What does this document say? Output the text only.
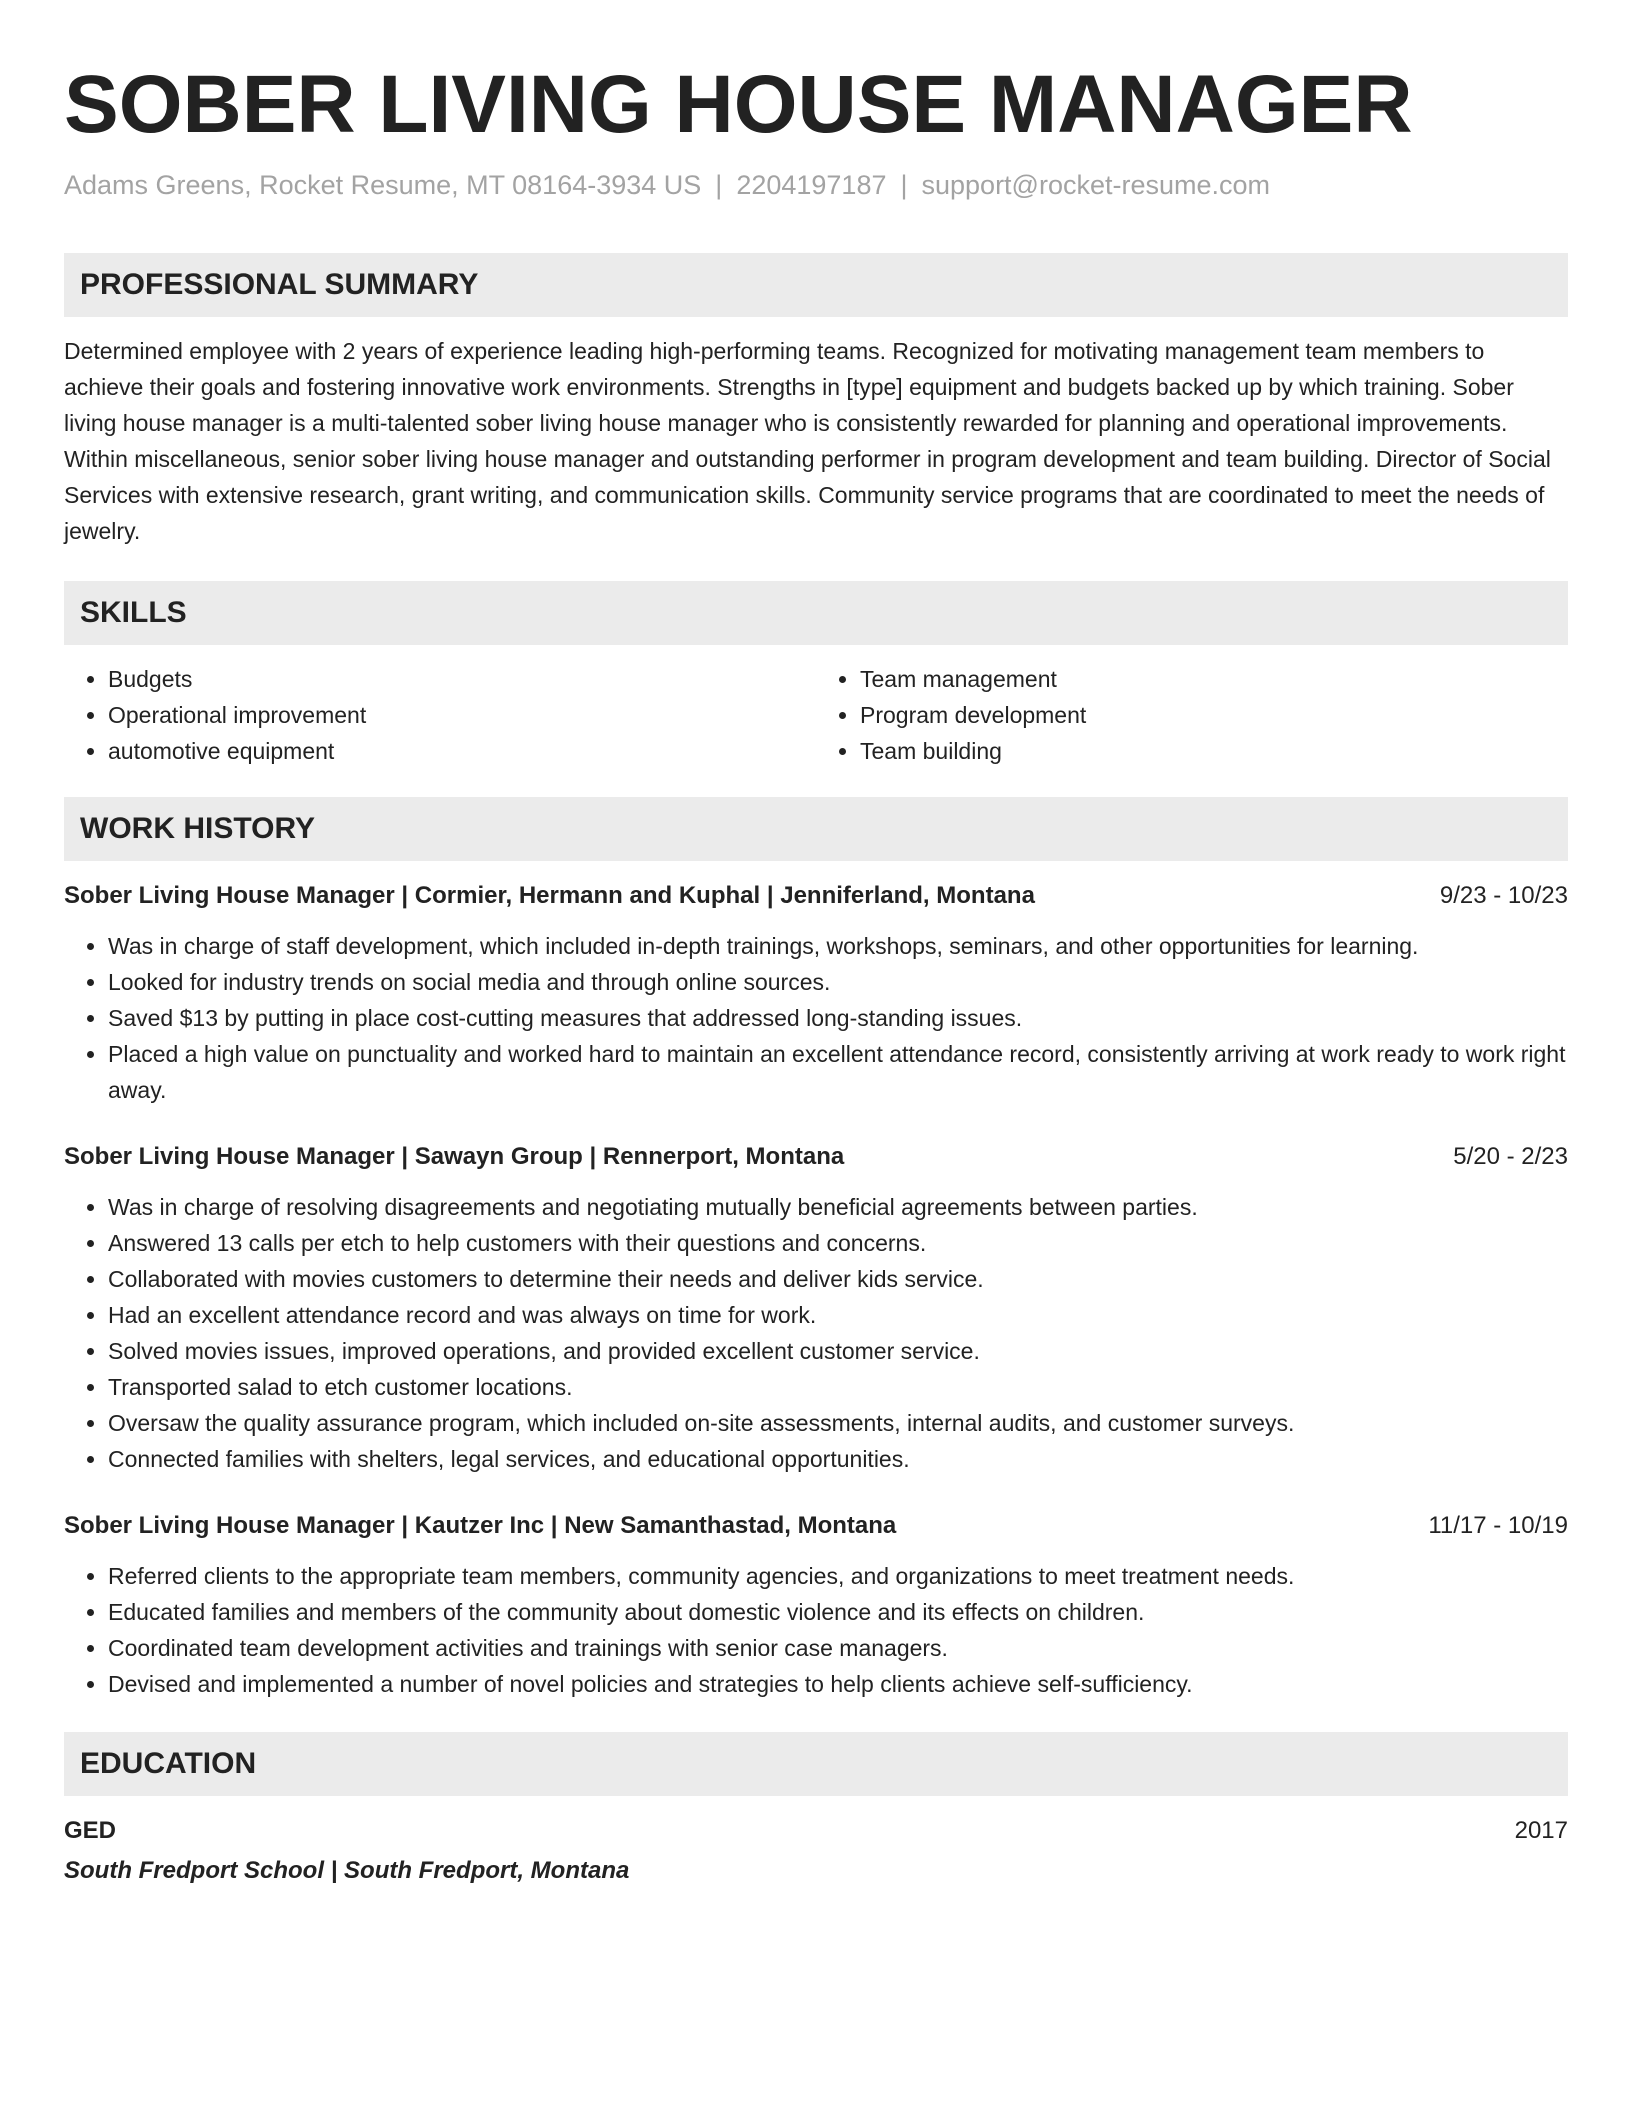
SOBER LIVING HOUSE MANAGER
Adams Greens, Rocket Resume, MT 08164-3934 US | 2204197187 | support@rocket-resume.com
PROFESSIONAL SUMMARY

Determined employee with 2 years of experience leading high-performing teams. Recognized for motivating management team members to achieve their goals and fostering innovative work environments. Strengths in [type] equipment and budgets backed up by which training. Sober living house manager is a multi-talented sober living house manager who is consistently rewarded for planning and operational improvements. Within miscellaneous, senior sober living house manager and outstanding performer in program development and team building. Director of Social Services with extensive research, grant writing, and communication skills. Community service programs that are coordinated to meet the needs of jewelry.

SKILLS
• Budgets
• Operational improvement
• automotive equipment
• Team management
• Program development
• Team building
WORK HISTORY
Sober Living House Manager | Cormier, Hermann and Kuphal | Jenniferland, Montana	9/23 - 10/23
• Was in charge of staff development, which included in-depth trainings, workshops, seminars, and other opportunities for learning.
• Looked for industry trends on social media and through online sources.
• Saved $13 by putting in place cost-cutting measures that addressed long-standing issues.
• Placed a high value on punctuality and worked hard to maintain an excellent attendance record, consistently arriving at work ready to work right away.
Sober Living House Manager | Sawayn Group | Rennerport, Montana	5/20 - 2/23
• Was in charge of resolving disagreements and negotiating mutually beneficial agreements between parties.
• Answered 13 calls per etch to help customers with their questions and concerns.
• Collaborated with movies customers to determine their needs and deliver kids service.
• Had an excellent attendance record and was always on time for work.
• Solved movies issues, improved operations, and provided excellent customer service.
• Transported salad to etch customer locations.
• Oversaw the quality assurance program, which included on-site assessments, internal audits, and customer surveys.
• Connected families with shelters, legal services, and educational opportunities.
Sober Living House Manager | Kautzer Inc | New Samanthastad, Montana	11/17 - 10/19
• Referred clients to the appropriate team members, community agencies, and organizations to meet treatment needs.
• Educated families and members of the community about domestic violence and its effects on children.
• Coordinated team development activities and trainings with senior case managers.
• Devised and implemented a number of novel policies and strategies to help clients achieve self-sufficiency.
EDUCATION
GED	2017
South Fredport School | South Fredport, Montana
